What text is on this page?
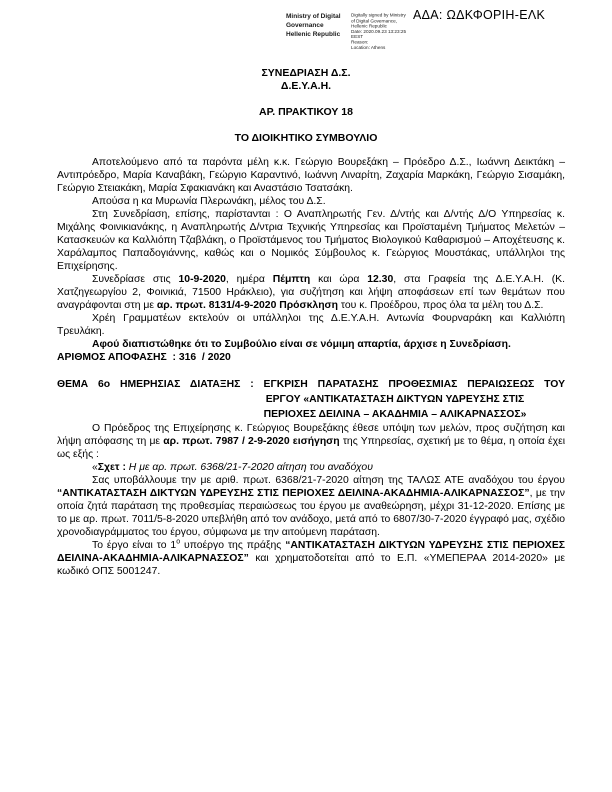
ΑΔΑ: ΩΔΚΦΟΡΙΗ-ΕΛΚ
Ministry of Digital
Governance
Hellenic Republic
Digitally signed by Ministry
of Digital Governance,
Hellenic Republic
Date: 2020.09.23 13:23:25
EEST
Reason:
Location: Athens
ΣΥΝΕΔΡΙΑΣΗ Δ.Σ.
Δ.Ε.Υ.Α.Η.
ΑΡ. ΠΡΑΚΤΙΚΟΥ 18
ΤΟ ΔΙΟΙΚΗΤΙΚΟ ΣΥΜΒΟΥΛΙΟ

Αποτελούμενο από τα παρόντα μέλη κ.κ. Γεώργιο Βουρεξάκη – Πρόεδρο Δ.Σ., Ιωάννη Δεικτάκη – Αντιπρόεδρο, Μαρία Καναβάκη, Γεώργιο Καραντινό, Ιωάννη Λιναρίτη, Ζαχαρία Μαρκάκη, Γεώργιο Σισαμάκη, Γεώργιο Στειακάκη, Μαρία Σφακιανάκη και Αναστάσιο Τσατσάκη.

Απούσα η κα Μυρωνία Πλερωνάκη, μέλος του Δ.Σ.

Στη Συνεδρίαση, επίσης, παρίστανται : Ο Αναπληρωτής Γεν. Δ/ντής και Δ/ντής Δ/Ο Υπηρεσίας κ. Μιχάλης Φοινικιανάκης, η Αναπληρωτής Δ/ντρια Τεχνικής Υπηρεσίας και Προϊσταμένη Τμήματος Μελετών – Κατασκευών κα Καλλιόπη Τζαβλάκη, ο Προϊστάμενος του Τμήματος Βιολογικού Καθαρισμού – Αποχέτευσης κ. Χαράλαμπος Παπαδογιάννης, καθώς και ο Νομικός Σύμβουλος κ. Γεώργιος Μουστάκας, υπάλληλοι της Επιχείρησης.

Συνεδρίασε στις 10-9-2020, ημέρα Πέμπτη και ώρα 12.30, στα Γραφεία της Δ.Ε.Υ.Α.Η. (Κ. Χατζηγεωργίου 2, Φοινικιά, 71500 Ηράκλειο), για συζήτηση και λήψη αποφάσεων επί των θεμάτων που αναγράφονται στη με αρ. πρωτ. 8131/4-9-2020 Πρόσκληση του κ. Προέδρου, προς όλα τα μέλη του Δ.Σ.

Χρέη Γραμματέων εκτελούν οι υπάλληλοι της Δ.Ε.Υ.Α.Η. Αντωνία Φουρναράκη και Καλλιόπη Τρευλάκη.

Αφού διαπιστώθηκε ότι το Συμβούλιο είναι σε νόμιμη απαρτία, άρχισε η Συνεδρίαση.

ΑΡΙΘΜΟΣ ΑΠΟΦΑΣΗΣ  : 316  / 2020

ΘΕΜΑ 6ο ΗΜΕΡΗΣΙΑΣ ΔΙΑΤΑΞΗΣ : ΕΓΚΡΙΣΗ ΠΑΡΑΤΑΣΗΣ ΠΡΟΘΕΣΜΙΑΣ ΠΕΡΑΙΩΣΕΩΣ ΤΟΥ
ΕΡΓΟΥ «ΑΝΤΙΚΑΤΑΣΤΑΣΗ ΔΙΚΤΥΩΝ ΥΔΡΕΥΣΗΣ ΣΤΙΣ
ΠΕΡΙΟΧΕΣ ΔΕΙΛΙΝΑ – ΑΚΑΔΗΜΙΑ – ΑΛΙΚΑΡΝΑΣΣΟΣ»

Ο Πρόεδρος της Επιχείρησης κ. Γεώργιος Βουρεξάκης έθεσε υπόψη των μελών, προς συζήτηση και λήψη απόφασης τη με αρ. πρωτ. 7987 / 2-9-2020 εισήγηση της Υπηρεσίας, σχετική με το θέμα, η οποία έχει ως εξής :

«Σχετ : Η με αρ. πρωτ. 6368/21-7-2020 αίτηση του αναδόχου

Σας υποβάλλουμε την με αριθ. πρωτ. 6368/21-7-2020 αίτηση της ΤΑΛΩΣ ΑΤΕ αναδόχου του έργου “ΑΝΤΙΚΑΤΑΣΤΑΣΗ ΔΙΚΤΥΩΝ ΥΔΡΕΥΣΗΣ ΣΤΙΣ ΠΕΡΙΟΧΕΣ ΔΕΙΛΙΝΑ-ΑΚΑΔΗΜΙΑ-ΑΛΙΚΑΡΝΑΣΣΟΣ”, με την οποία ζητά παράταση της προθεσμίας περαιώσεως του έργου με αναθεώρηση, μέχρι 31-12-2020. Επίσης με το με αρ. πρωτ. 7011/5-8-2020 υπεβλήθη από τον ανάδοχο, μετά από το 6807/30-7-2020 έγγραφό μας, σχέδιο χρονοδιαγράμματος του έργου, σύμφωνα με την αιτούμενη παράταση.

Το έργο είναι το $1^o$ υποέργο της πράξης “ΑΝΤΙΚΑΤΑΣΤΑΣΗ ΔΙΚΤΥΩΝ ΥΔΡΕΥΣΗΣ ΣΤΙΣ ΠΕΡΙΟΧΕΣ ΔΕΙΛΙΝΑ-ΑΚΑΔΗΜΙΑ-ΑΛΙΚΑΡΝΑΣΣΟΣ” και χρηματοδοτείται από το Ε.Π. «ΥΜΕΠΕΡΑΑ 2014-2020» με κωδικό ΟΠΣ 5001247.
